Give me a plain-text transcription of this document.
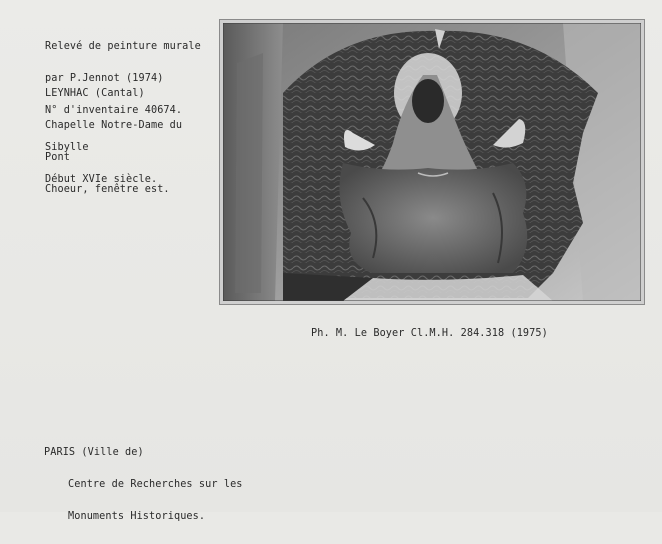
Relevé de peinture murale

par P.Jennot (1974)

N° d'inventaire 40674.

LEYNHAC (Cantal)

Chapelle Notre-Dame du

Pont

Choeur, fenêtre est.

Sibylle

Début XVIe siècle.

Ph. M. Le Boyer Cl.M.H. 284.318 (1975)

PARIS (Ville de)

Centre de Recherches sur les

Monuments Historiques.
